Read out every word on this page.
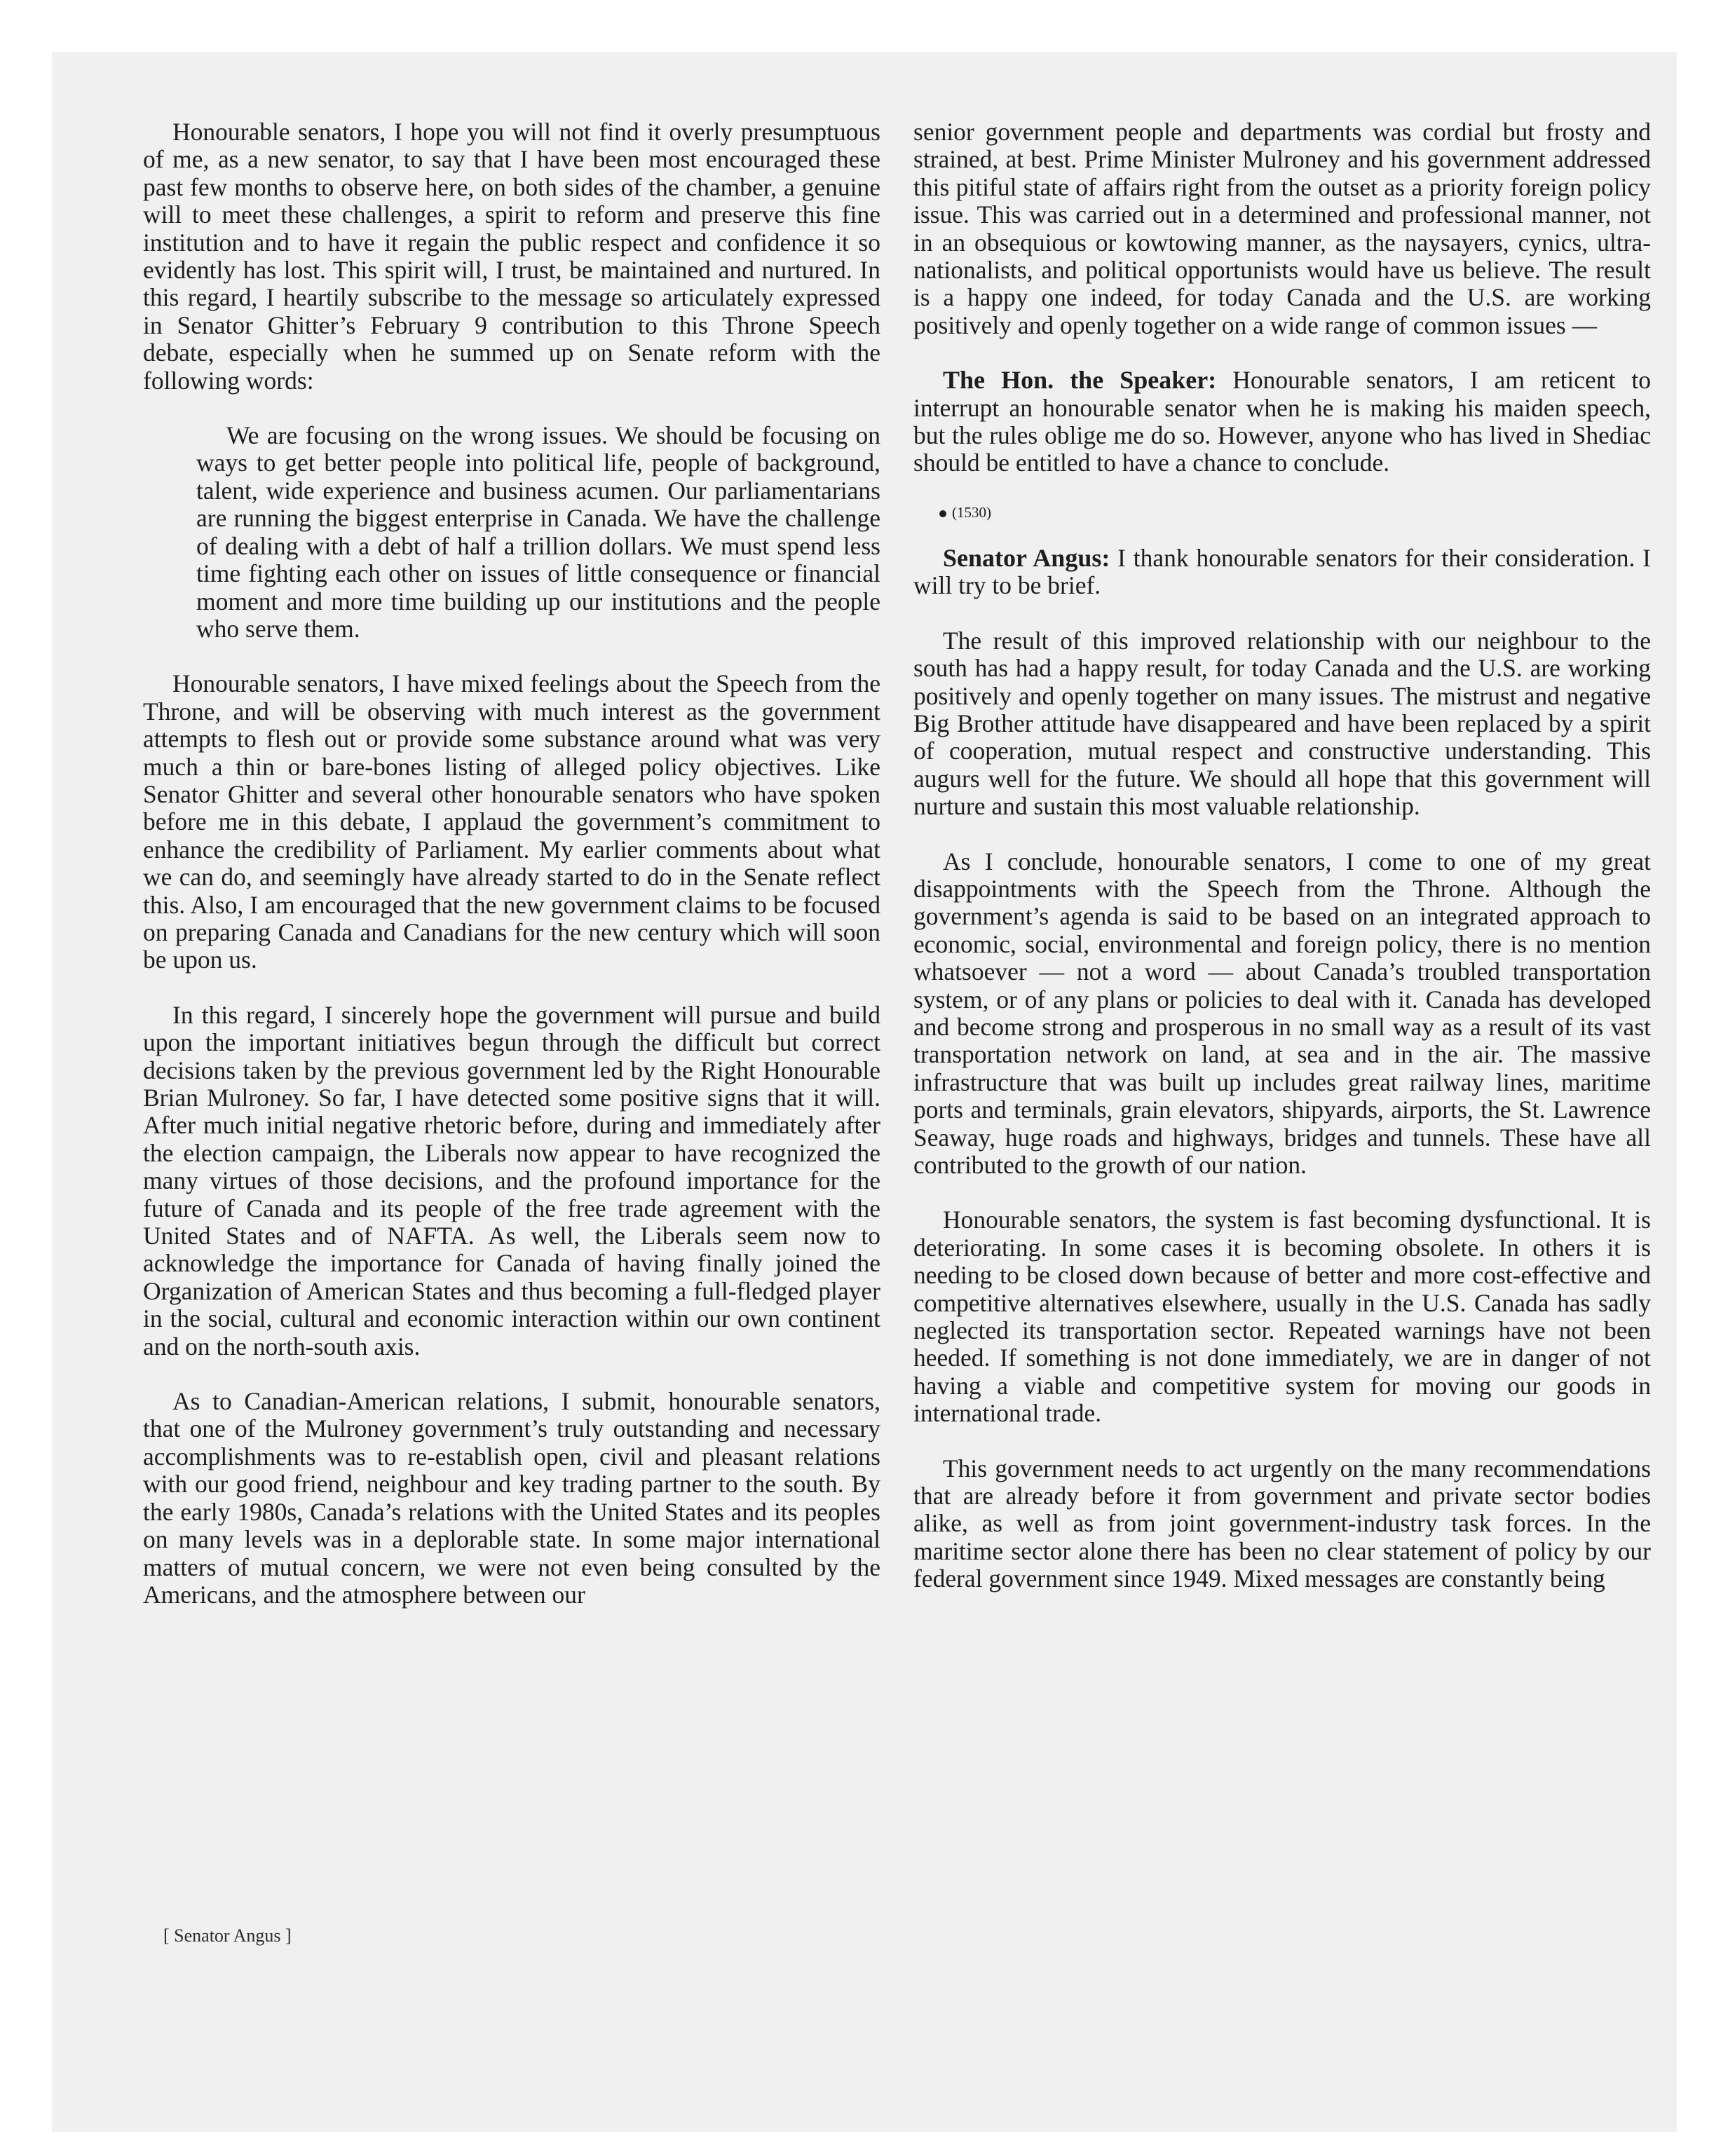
Honourable senators, I hope you will not find it overly presumptuous of me, as a new senator, to say that I have been most encouraged these past few months to observe here, on both sides of the chamber, a genuine will to meet these challenges, a spirit to reform and preserve this fine institution and to have it regain the public respect and confidence it so evidently has lost. This spirit will, I trust, be maintained and nurtured. In this regard, I heartily subscribe to the message so articulately expressed in Senator Ghitter’s February 9 contribution to this Throne Speech debate, especially when he summed up on Senate reform with the following words:

We are focusing on the wrong issues. We should be focusing on ways to get better people into political life, people of background, talent, wide experience and business acumen. Our parliamentarians are running the biggest enterprise in Canada. We have the challenge of dealing with a debt of half a trillion dollars. We must spend less time fighting each other on issues of little consequence or financial moment and more time building up our institutions and the people who serve them.

Honourable senators, I have mixed feelings about the Speech from the Throne, and will be observing with much interest as the government attempts to flesh out or provide some substance around what was very much a thin or bare-bones listing of alleged policy objectives. Like Senator Ghitter and several other honourable senators who have spoken before me in this debate, I applaud the government’s commitment to enhance the credibility of Parliament. My earlier comments about what we can do, and seemingly have already started to do in the Senate reflect this. Also, I am encouraged that the new government claims to be focused on preparing Canada and Canadians for the new century which will soon be upon us.

In this regard, I sincerely hope the government will pursue and build upon the important initiatives begun through the difficult but correct decisions taken by the previous government led by the Right Honourable Brian Mulroney. So far, I have detected some positive signs that it will. After much initial negative rhetoric before, during and immediately after the election campaign, the Liberals now appear to have recognized the many virtues of those decisions, and the profound importance for the future of Canada and its people of the free trade agreement with the United States and of NAFTA. As well, the Liberals seem now to acknowledge the importance for Canada of having finally joined the Organization of American States and thus becoming a full-fledged player in the social, cultural and economic interaction within our own continent and on the north-south axis.

As to Canadian-American relations, I submit, honourable senators, that one of the Mulroney government’s truly outstanding and necessary accomplishments was to re-establish open, civil and pleasant relations with our good friend, neighbour and key trading partner to the south. By the early 1980s, Canada’s relations with the United States and its peoples on many levels was in a deplorable state. In some major international matters of mutual concern, we were not even being consulted by the Americans, and the atmosphere between our

senior government people and departments was cordial but frosty and strained, at best. Prime Minister Mulroney and his government addressed this pitiful state of affairs right from the outset as a priority foreign policy issue. This was carried out in a determined and professional manner, not in an obsequious or kowtowing manner, as the naysayers, cynics, ultra-nationalists, and political opportunists would have us believe. The result is a happy one indeed, for today Canada and the U.S. are working positively and openly together on a wide range of common issues —

The Hon. the Speaker: Honourable senators, I am reticent to interrupt an honourable senator when he is making his maiden speech, but the rules oblige me do so. However, anyone who has lived in Shediac should be entitled to have a chance to conclude.

(1530)

Senator Angus: I thank honourable senators for their consideration. I will try to be brief.

The result of this improved relationship with our neighbour to the south has had a happy result, for today Canada and the U.S. are working positively and openly together on many issues. The mistrust and negative Big Brother attitude have disappeared and have been replaced by a spirit of cooperation, mutual respect and constructive understanding. This augurs well for the future. We should all hope that this government will nurture and sustain this most valuable relationship.

As I conclude, honourable senators, I come to one of my great disappointments with the Speech from the Throne. Although the government’s agenda is said to be based on an integrated approach to economic, social, environmental and foreign policy, there is no mention whatsoever — not a word — about Canada’s troubled transportation system, or of any plans or policies to deal with it. Canada has developed and become strong and prosperous in no small way as a result of its vast transportation network on land, at sea and in the air. The massive infrastructure that was built up includes great railway lines, maritime ports and terminals, grain elevators, shipyards, airports, the St. Lawrence Seaway, huge roads and highways, bridges and tunnels. These have all contributed to the growth of our nation.

Honourable senators, the system is fast becoming dysfunctional. It is deteriorating. In some cases it is becoming obsolete. In others it is needing to be closed down because of better and more cost-effective and competitive alternatives elsewhere, usually in the U.S. Canada has sadly neglected its transportation sector. Repeated warnings have not been heeded. If something is not done immediately, we are in danger of not having a viable and competitive system for moving our goods in international trade.

This government needs to act urgently on the many recommendations that are already before it from government and private sector bodies alike, as well as from joint government-industry task forces. In the maritime sector alone there has been no clear statement of policy by our federal government since 1949. Mixed messages are constantly being

[ Senator Angus ]
